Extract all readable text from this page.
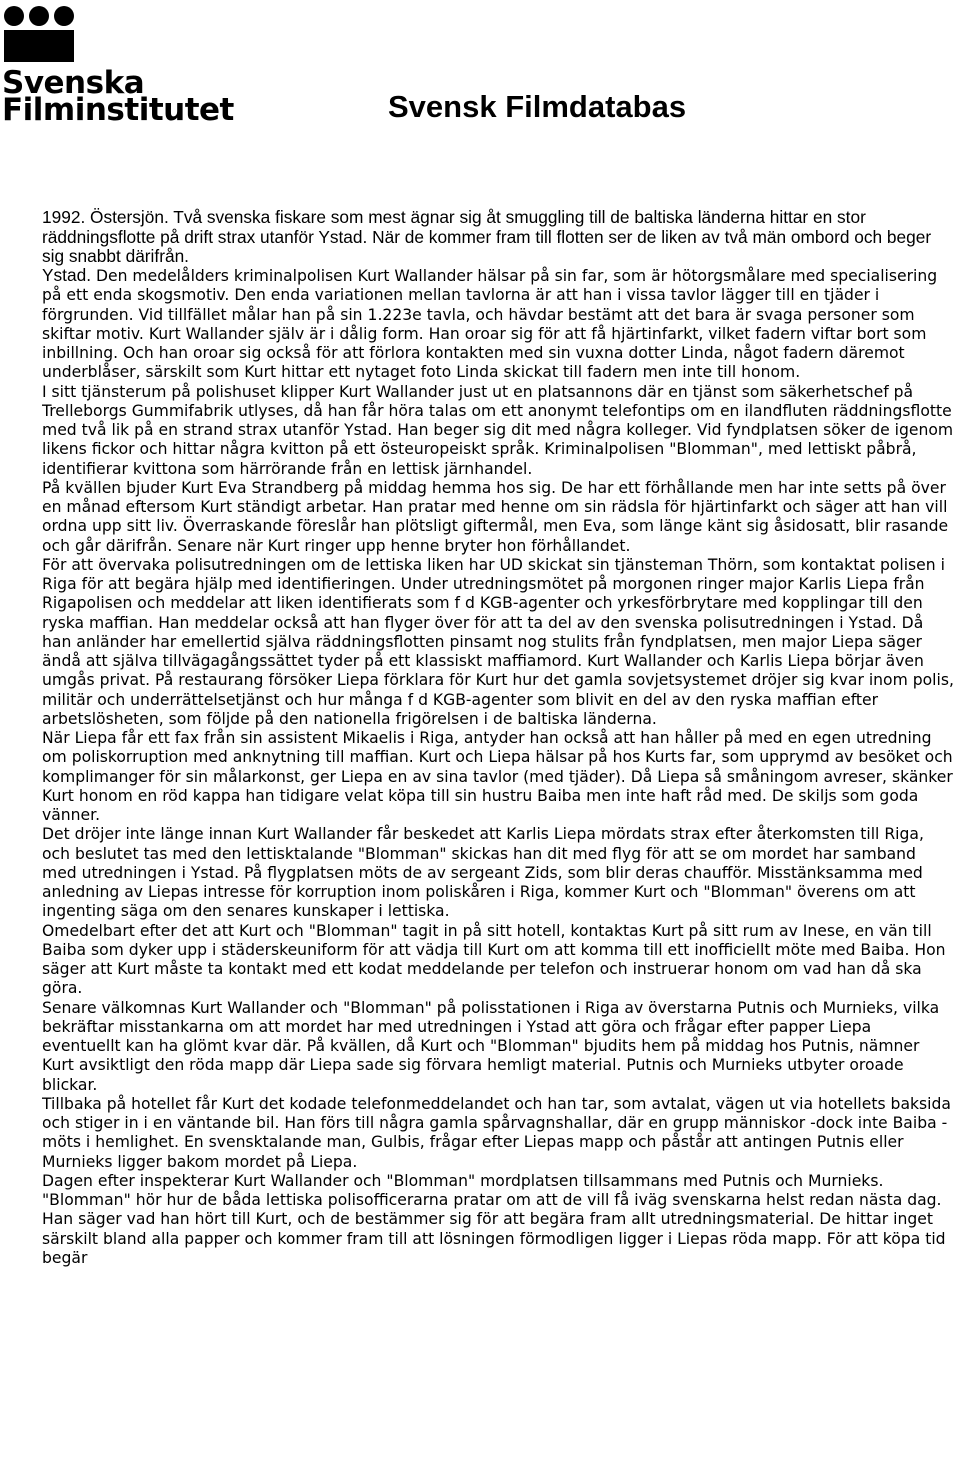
Svenska
Filminstitutet	Svensk Filmdatabas

1992. Östersjön. Två svenska fiskare som mest ägnar sig åt smuggling till de baltiska länderna hittar en stor räddningsflotte på drift strax utanför Ystad. När de kommer fram till flotten ser de liken av två män ombord och beger sig snabbt därifrån.

Ystad. Den medelålders kriminalpolisen Kurt Wallander hälsar på sin far, som är hötorgsmålare med specialisering på ett enda skogsmotiv. Den enda variationen mellan tavlorna är att han i vissa tavlor lägger till en tjäder i förgrunden. Vid tillfället målar han på sin 1.223e tavla, och hävdar bestämt att det bara är svaga personer som skiftar motiv. Kurt Wallander själv är i dålig form. Han oroar sig för att få hjärtinfarkt, vilket fadern viftar bort som inbillning. Och han oroar sig också för att förlora kontakten med sin vuxna dotter Linda, något fadern däremot underblåser, särskilt som Kurt hittar ett nytaget foto Linda skickat till fadern men inte till honom.

I sitt tjänsterum på polishuset klipper Kurt Wallander just ut en platsannons där en tjänst som säkerhetschef på Trelleborgs Gummifabrik utlyses, då han får höra talas om ett anonymt telefontips om en ilandfluten räddningsflotte med två lik på en strand strax utanför Ystad. Han beger sig dit med några kolleger. Vid fyndplatsen söker de igenom likens fickor och hittar några kvitton på ett östeuropeiskt språk. Kriminalpolisen "Blomman", med lettiskt påbrå, identifierar kvittona som härrörande från en lettisk järnhandel.

På kvällen bjuder Kurt Eva Strandberg på middag hemma hos sig. De har ett förhållande men har inte setts på över en månad eftersom Kurt ständigt arbetar. Han pratar med henne om sin rädsla för hjärtinfarkt och säger att han vill ordna upp sitt liv. Överraskande föreslår han plötsligt giftermål, men Eva, som länge känt sig åsidosatt, blir rasande och går därifrån. Senare när Kurt ringer upp henne bryter hon förhållandet.

För att övervaka polisutredningen om de lettiska liken har UD skickat sin tjänsteman Thörn, som kontaktat polisen i Riga för att begära hjälp med identifieringen. Under utredningsmötet på morgonen ringer major Karlis Liepa från Rigapolisen och meddelar att liken identifierats som f d KGB-agenter och yrkesförbrytare med kopplingar till den ryska maffian. Han meddelar också att han flyger över för att ta del av den svenska polisutredningen i Ystad. Då han anländer har emellertid själva räddningsflotten pinsamt nog stulits från fyndplatsen, men major Liepa säger ändå att själva tillvägagångssättet tyder på ett klassiskt maffiamord. Kurt Wallander och Karlis Liepa börjar även umgås privat. På restaurang försöker Liepa förklara för Kurt hur det gamla sovjetsystemet dröjer sig kvar inom polis, militär och underrättelsetjänst och hur många f d KGB-agenter som blivit en del av den ryska maffian efter arbetslösheten, som följde på den nationella frigörelsen i de baltiska länderna.

När Liepa får ett fax från sin assistent Mikaelis i Riga, antyder han också att han håller på med en egen utredning om poliskorruption med anknytning till maffian. Kurt och Liepa hälsar på hos Kurts far, som upprymd av besöket och komplimanger för sin målarkonst, ger Liepa en av sina tavlor (med tjäder). Då Liepa så småningom avreser, skänker Kurt honom en röd kappa han tidigare velat köpa till sin hustru Baiba men inte haft råd med. De skiljs som goda vänner.

Det dröjer inte länge innan Kurt Wallander får beskedet att Karlis Liepa mördats strax efter återkomsten till Riga, och beslutet tas med den lettisktalande "Blomman" skickas han dit med flyg för att se om mordet har samband med utredningen i Ystad. På flygplatsen möts de av sergeant Zids, som blir deras chaufför. Misstänksamma med anledning av Liepas intresse för korruption inom poliskåren i Riga, kommer Kurt och "Blomman" överens om att ingenting säga om den senares kunskaper i lettiska.

Omedelbart efter det att Kurt och "Blomman" tagit in på sitt hotell, kontaktas Kurt på sitt rum av Inese, en vän till Baiba som dyker upp i städerskeuniform för att vädja till Kurt om att komma till ett inofficiellt möte med Baiba. Hon säger att Kurt måste ta kontakt med ett kodat meddelande per telefon och instruerar honom om vad han då ska göra.

Senare välkomnas Kurt Wallander och "Blomman" på polisstationen i Riga av överstarna Putnis och Murnieks, vilka bekräftar misstankarna om att mordet har med utredningen i Ystad att göra och frågar efter papper Liepa eventuellt kan ha glömt kvar där. På kvällen, då Kurt och "Blomman" bjudits hem på middag hos Putnis, nämner Kurt avsiktligt den röda mapp där Liepa sade sig förvara hemligt material. Putnis och Murnieks utbyter oroade blickar.

Tillbaka på hotellet får Kurt det kodade telefonmeddelandet och han tar, som avtalat, vägen ut via hotellets baksida och stiger in i en väntande bil. Han förs till några gamla spårvagnshallar, där en grupp människor -dock inte Baiba - möts i hemlighet. En svensktalande man, Gulbis, frågar efter Liepas mapp och påstår att antingen Putnis eller Murnieks ligger bakom mordet på Liepa.

Dagen efter inspekterar Kurt Wallander och "Blomman" mordplatsen tillsammans med Putnis och Murnieks. "Blomman" hör hur de båda lettiska polisofficerarna pratar om att de vill få iväg svenskarna helst redan nästa dag. Han säger vad han hört till Kurt, och de bestämmer sig för att begära fram allt utredningsmaterial. De hittar inget särskilt bland alla papper och kommer fram till att lösningen förmodligen ligger i Liepas röda mapp. För att köpa tid begär
